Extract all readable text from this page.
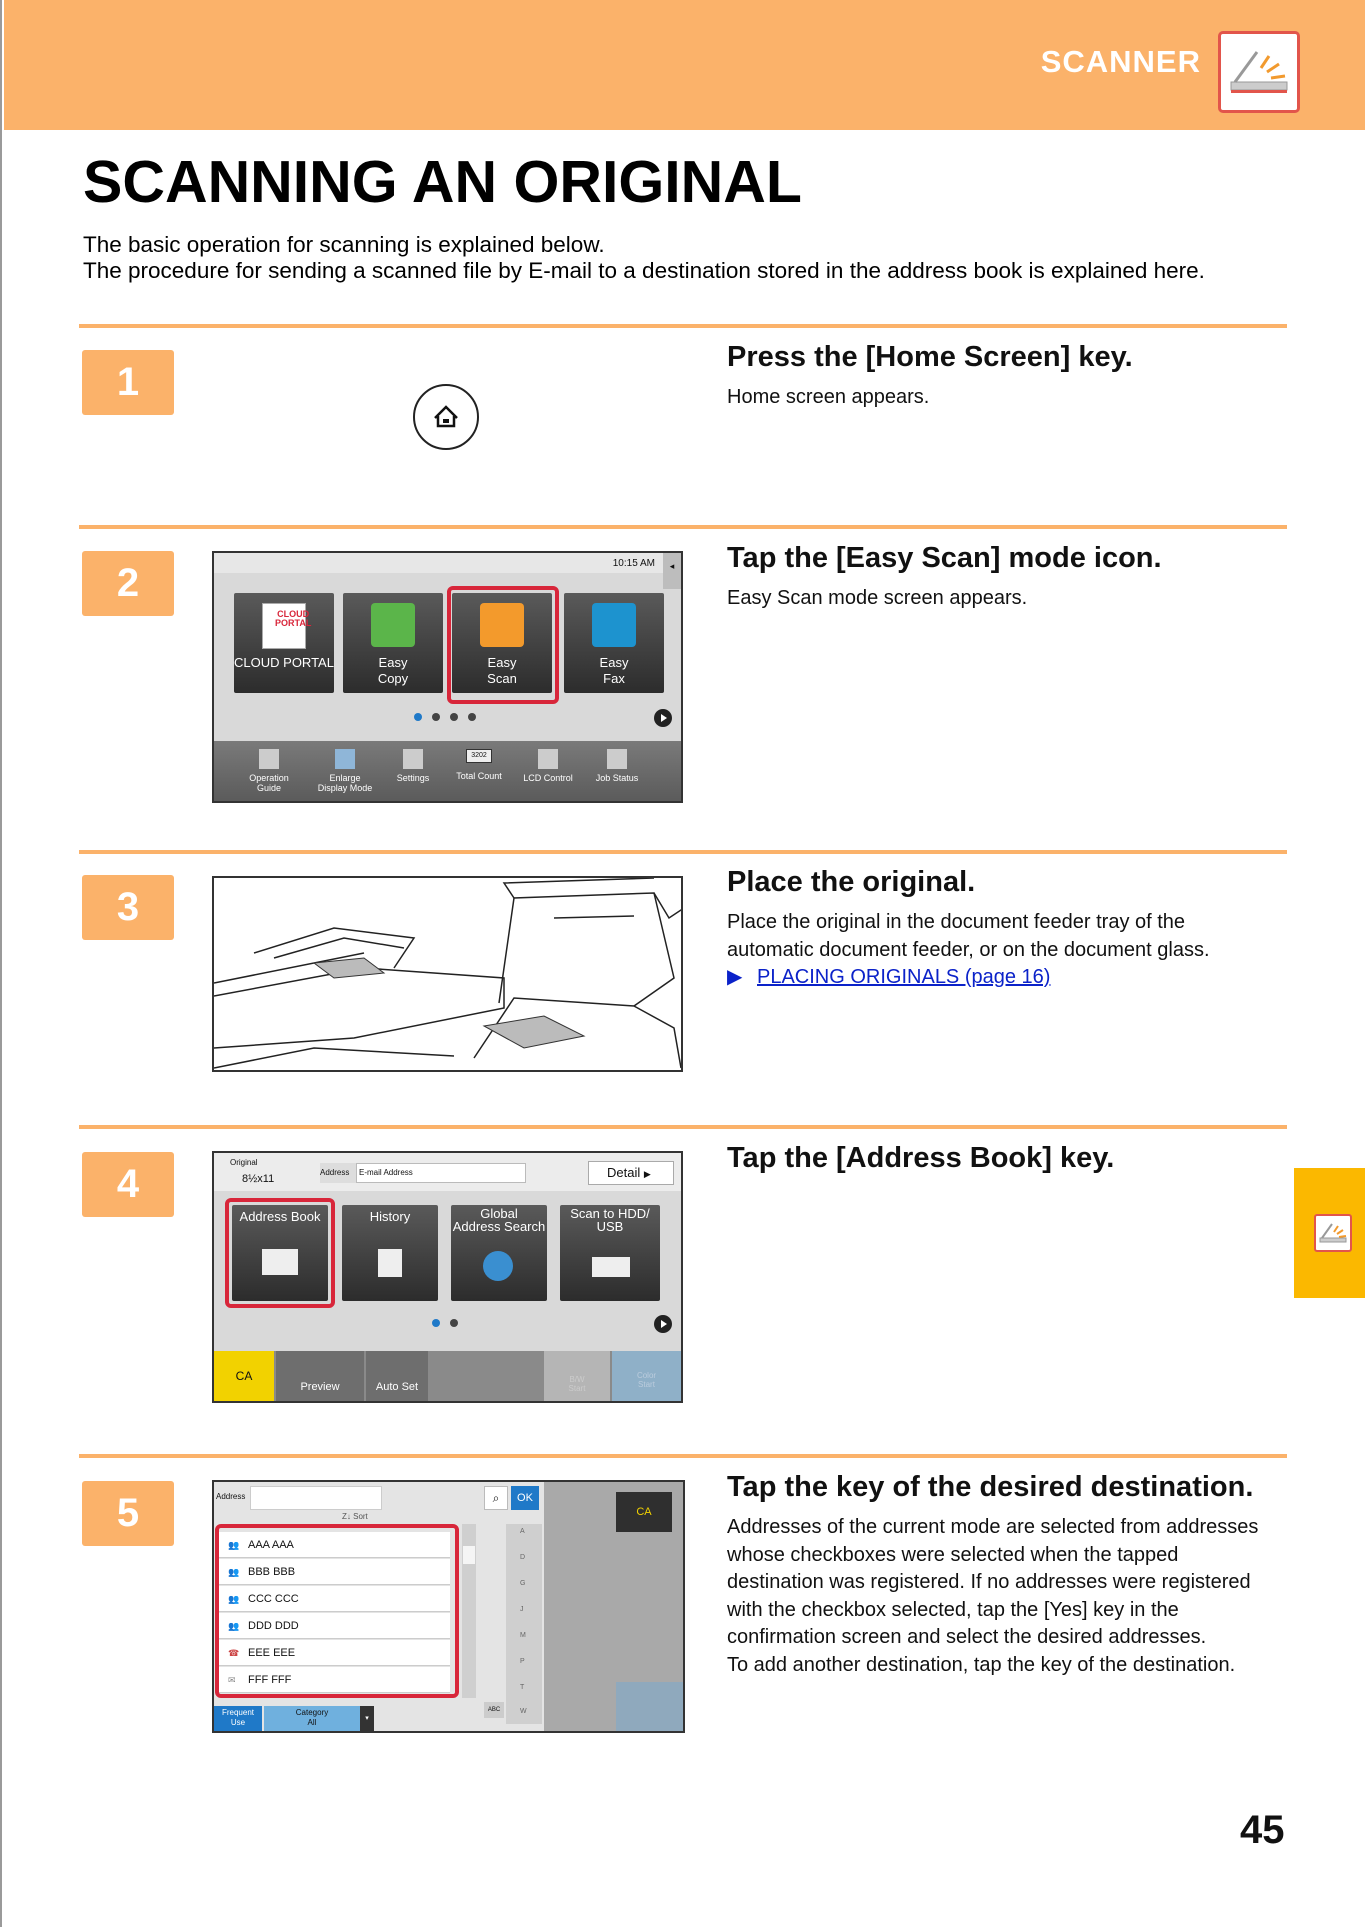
SCANNER
SCANNING AN ORIGINAL
The basic operation for scanning is explained below.
The procedure for sending a scanned file by E-mail to a destination stored in the address book is explained here.
1
Press the [Home Screen] key.
Home screen appears.
2	10:15 AM	◂
CLOUD
PORTAL
CLOUD PORTAL	Easy
Copy
Easy
Scan
Easy
Fax
Operation
Guide
Enlarge
Display Mode
Settings
3202
Total Count	LCD Control	Job Status
Tap the [Easy Scan] mode icon.
Easy Scan mode screen appears.
3
Place the original.
Place the original in the document feeder tray of the
automatic document feeder, or on the document glass.
▶ PLACING ORIGINALS (page 16)
4	Original
8½x11
Address	E-mail Address	Detail ▶
Address Book	History	Global
Address Search
Scan to HDD/
USB
CA
Preview	Auto Set
B/W
Start
Color
Start
Tap the [Address Book] key.
5	Address	⌕	OK
Z↓ Sort
👥 AAA AAA
👥 BBB BBB
👥 CCC CCC
👥 DDD DDD
☎ EEE EEE
✉ FFF FFF
A
D
G
J
M
P
T
W
ABC
Frequent
Use
Category
All	▾
CA
Tap the key of the desired destination.
Addresses of the current mode are selected from addresses
whose checkboxes were selected when the tapped
destination was registered. If no addresses were registered
with the checkbox selected, tap the [Yes] key in the
confirmation screen and select the desired addresses.
To add another destination, tap the key of the destination.
45
